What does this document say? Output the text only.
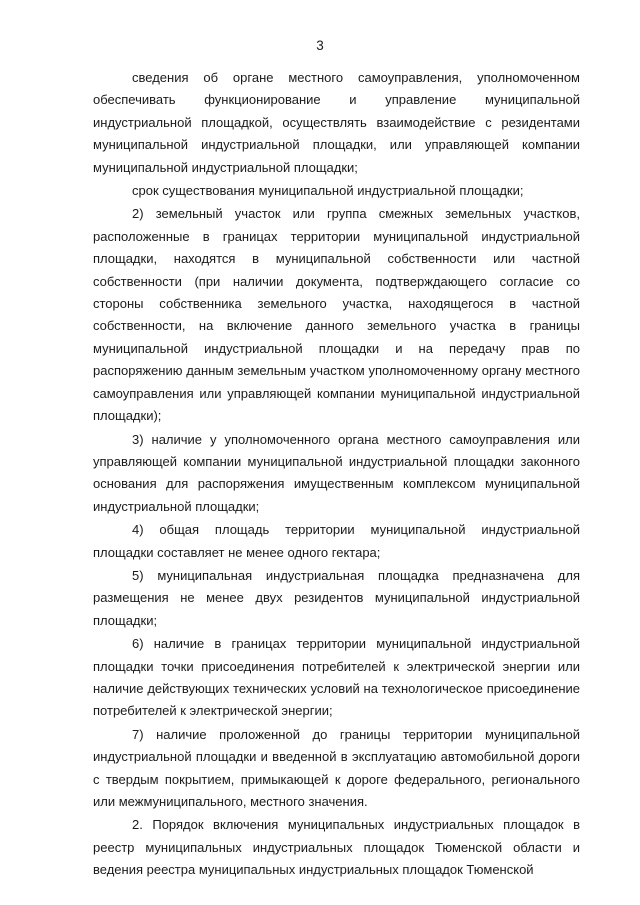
3

сведения об органе местного самоуправления, уполномоченном обеспечивать функционирование и управление муниципальной индустриальной площадкой, осуществлять взаимодействие с резидентами муниципальной индустриальной площадки, или управляющей компании муниципальной индустриальной площадки;

срок существования муниципальной индустриальной площадки;

2) земельный участок или группа смежных земельных участков, расположенные в границах территории муниципальной индустриальной площадки, находятся в муниципальной собственности или частной собственности (при наличии документа, подтверждающего согласие со стороны собственника земельного участка, находящегося в частной собственности, на включение данного земельного участка в границы муниципальной индустриальной площадки и на передачу прав по распоряжению данным земельным участком уполномоченному органу местного самоуправления или управляющей компании муниципальной индустриальной площадки);

3) наличие у уполномоченного органа местного самоуправления или управляющей компании муниципальной индустриальной площадки законного основания для распоряжения имущественным комплексом муниципальной индустриальной площадки;

4) общая площадь территории муниципальной индустриальной площадки составляет не менее одного гектара;

5) муниципальная индустриальная площадка предназначена для размещения не менее двух резидентов муниципальной индустриальной площадки;

6) наличие в границах территории муниципальной индустриальной площадки точки присоединения потребителей к электрической энергии или наличие действующих технических условий на технологическое присоединение потребителей к электрической энергии;

7) наличие проложенной до границы территории муниципальной индустриальной площадки и введенной в эксплуатацию автомобильной дороги с твердым покрытием, примыкающей к дороге федерального, регионального или межмуниципального, местного значения.

2. Порядок включения муниципальных индустриальных площадок в реестр муниципальных индустриальных площадок Тюменской области и ведения реестра муниципальных индустриальных площадок Тюменской
